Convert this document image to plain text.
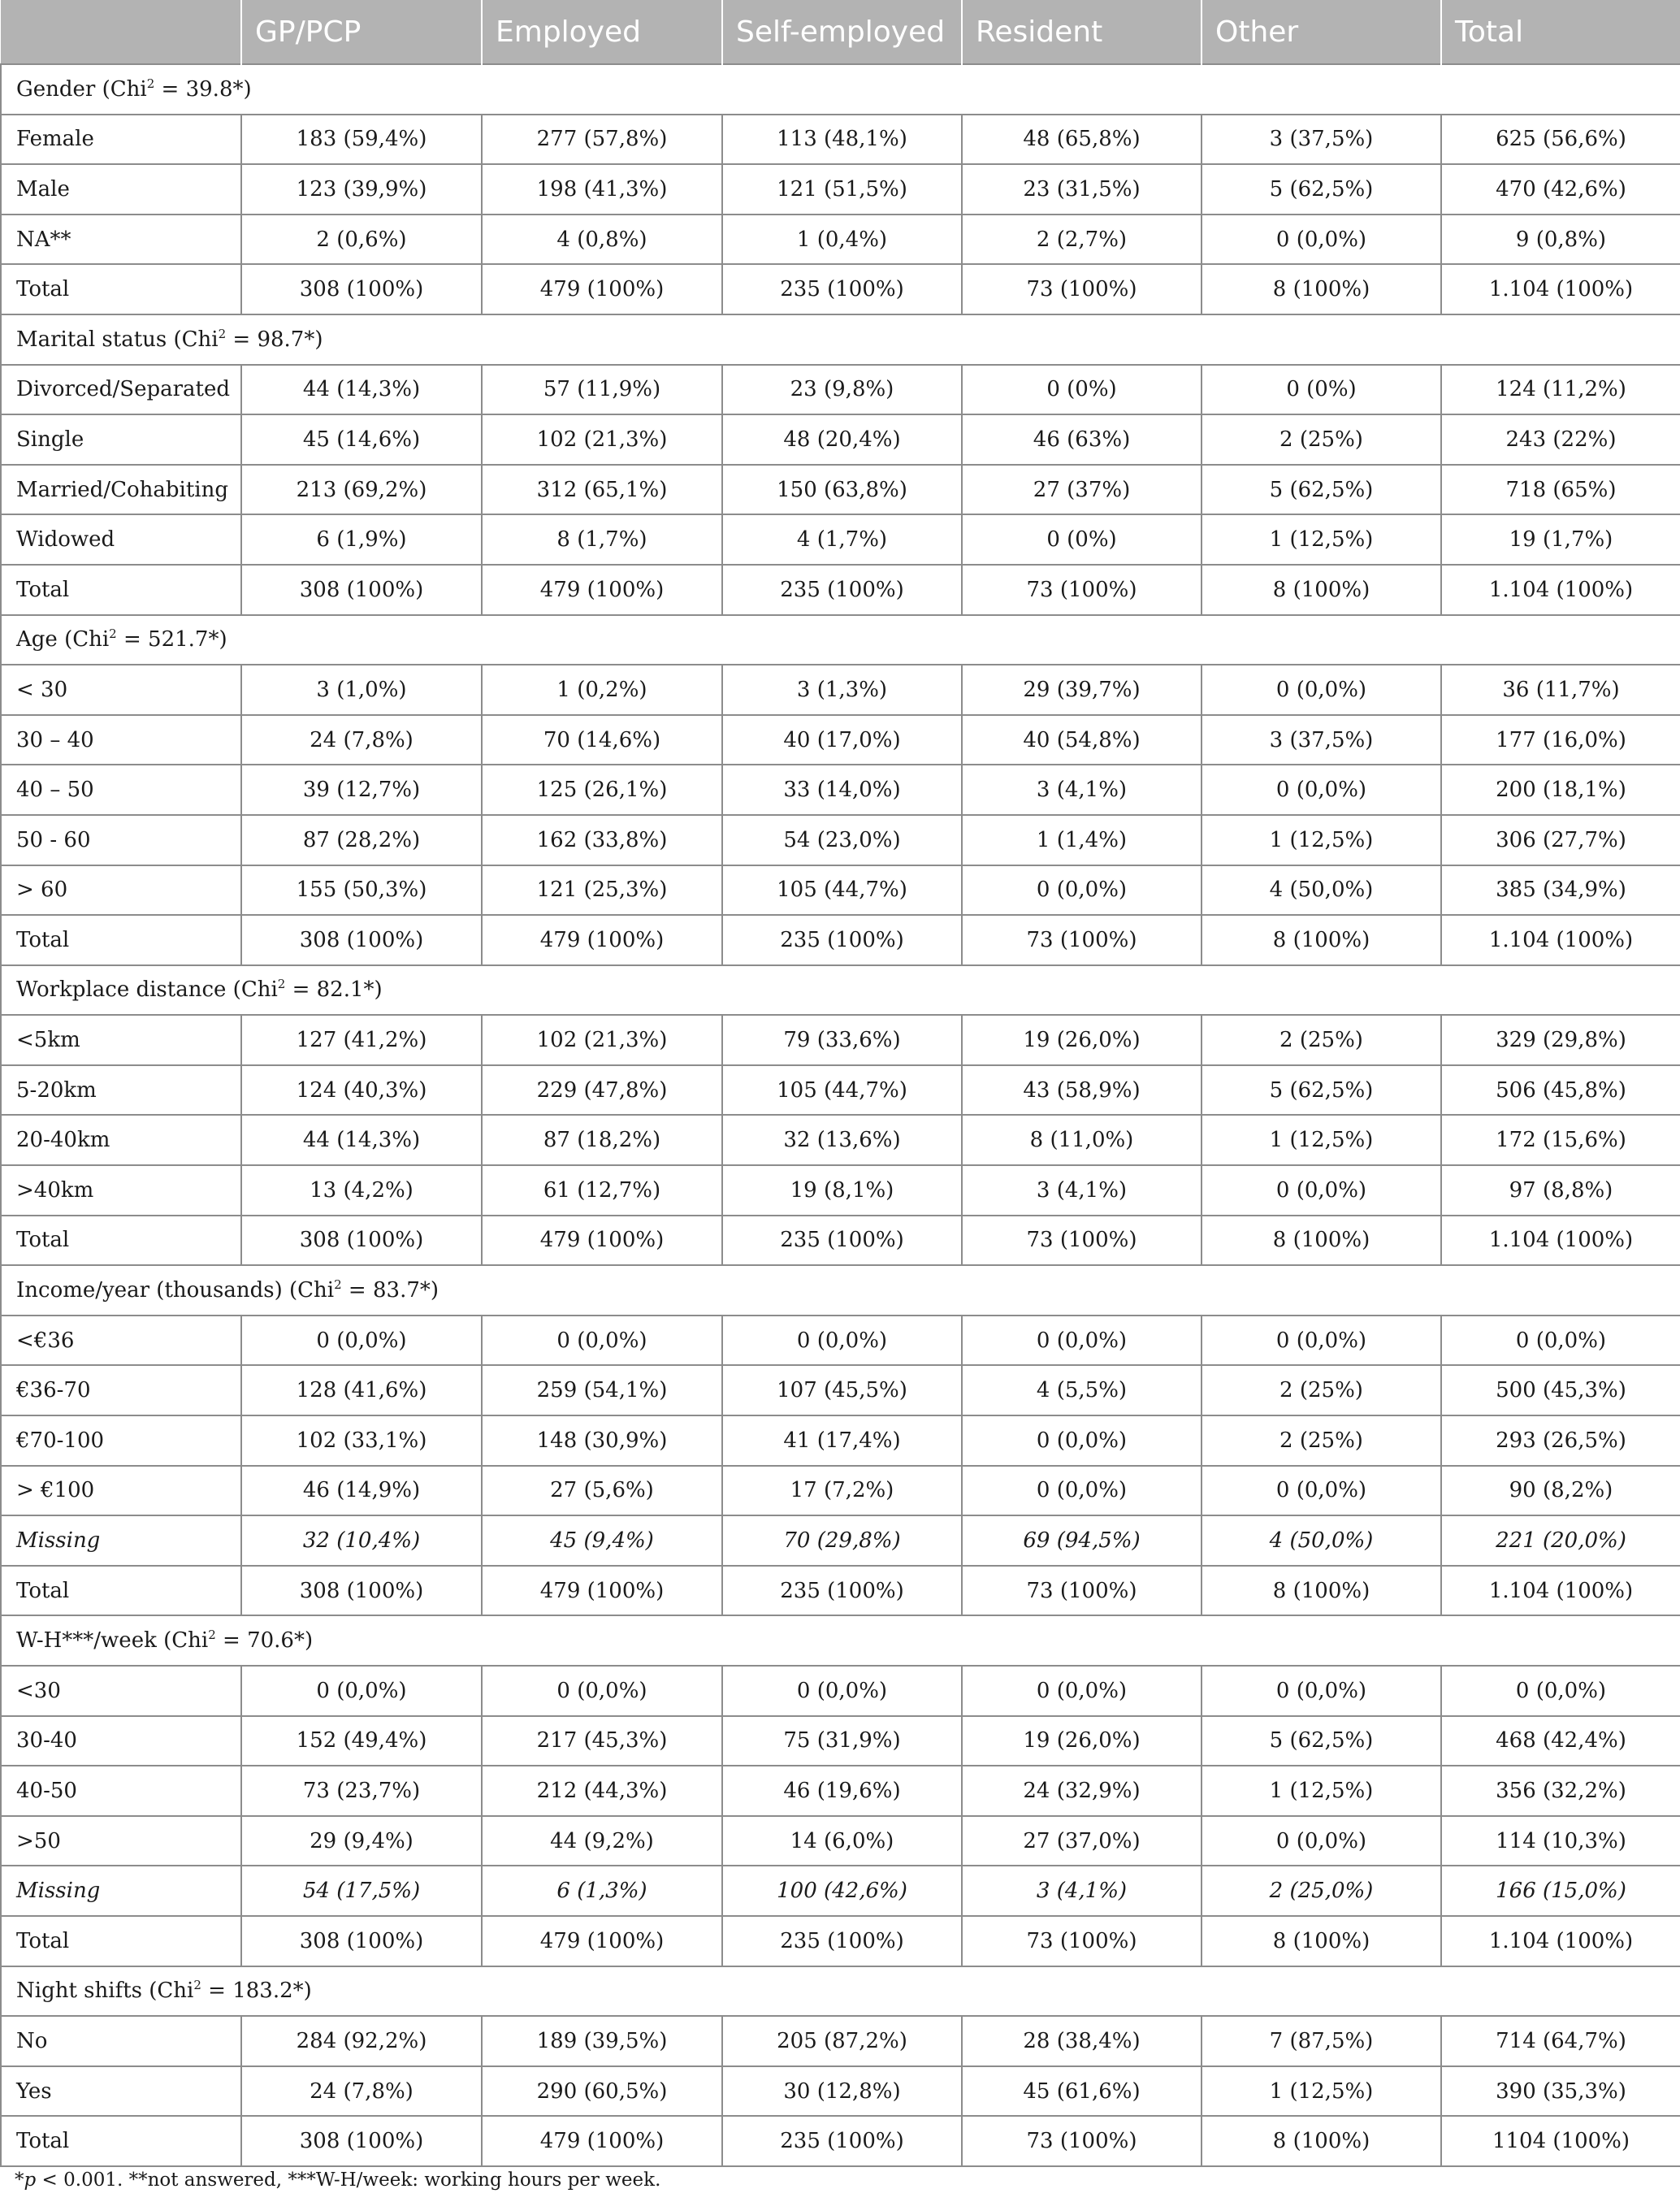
	GP/PCP	Employed	Self-employed	Resident	Other	Total
Gender (Chi$^2$ = 39.8*)						
Female	183 (59,4%)	277 (57,8%)	113 (48,1%)	48 (65,8%)	3 (37,5%)	625 (56,6%)
Male	123 (39,9%)	198 (41,3%)	121 (51,5%)	23 (31,5%)	5 (62,5%)	470 (42,6%)
NA**	2 (0,6%)	4 (0,8%)	1 (0,4%)	2 (2,7%)	0 (0,0%)	9 (0,8%)
Total	308 (100%)	479 (100%)	235 (100%)	73 (100%)	8 (100%)	1.104 (100%)
Marital status (Chi$^2$ = 98.7*)						
Divorced/Separated	44 (14,3%)	57 (11,9%)	23 (9,8%)	0 (0%)	0 (0%)	124 (11,2%)
Single	45 (14,6%)	102 (21,3%)	48 (20,4%)	46 (63%)	2 (25%)	243 (22%)
Married/Cohabiting	213 (69,2%)	312 (65,1%)	150 (63,8%)	27 (37%)	5 (62,5%)	718 (65%)
Widowed	6 (1,9%)	8 (1,7%)	4 (1,7%)	0 (0%)	1 (12,5%)	19 (1,7%)
Total	308 (100%)	479 (100%)	235 (100%)	73 (100%)	8 (100%)	1.104 (100%)
Age (Chi$^2$ = 521.7*)						
< 30	3 (1,0%)	1 (0,2%)	3 (1,3%)	29 (39,7%)	0 (0,0%)	36 (11,7%)
30 – 40	24 (7,8%)	70 (14,6%)	40 (17,0%)	40 (54,8%)	3 (37,5%)	177 (16,0%)
40 – 50	39 (12,7%)	125 (26,1%)	33 (14,0%)	3 (4,1%)	0 (0,0%)	200 (18,1%)
50 - 60	87 (28,2%)	162 (33,8%)	54 (23,0%)	1 (1,4%)	1 (12,5%)	306 (27,7%)
> 60	155 (50,3%)	121 (25,3%)	105 (44,7%)	0 (0,0%)	4 (50,0%)	385 (34,9%)
Total	308 (100%)	479 (100%)	235 (100%)	73 (100%)	8 (100%)	1.104 (100%)
Workplace distance (Chi$^2$ = 82.1*)						
<5km	127 (41,2%)	102 (21,3%)	79 (33,6%)	19 (26,0%)	2 (25%)	329 (29,8%)
5-20km	124 (40,3%)	229 (47,8%)	105 (44,7%)	43 (58,9%)	5 (62,5%)	506 (45,8%)
20-40km	44 (14,3%)	87 (18,2%)	32 (13,6%)	8 (11,0%)	1 (12,5%)	172 (15,6%)
>40km	13 (4,2%)	61 (12,7%)	19 (8,1%)	3 (4,1%)	0 (0,0%)	97 (8,8%)
Total	308 (100%)	479 (100%)	235 (100%)	73 (100%)	8 (100%)	1.104 (100%)
Income/year (thousands) (Chi$^2$ = 83.7*)						
<€36	0 (0,0%)	0 (0,0%)	0 (0,0%)	0 (0,0%)	0 (0,0%)	0 (0,0%)
€36-70	128 (41,6%)	259 (54,1%)	107 (45,5%)	4 (5,5%)	2 (25%)	500 (45,3%)
€70-100	102 (33,1%)	148 (30,9%)	41 (17,4%)	0 (0,0%)	2 (25%)	293 (26,5%)
> €100	46 (14,9%)	27 (5,6%)	17 (7,2%)	0 (0,0%)	0 (0,0%)	90 (8,2%)
Missing	32 (10,4%)	45 (9,4%)	70 (29,8%)	69 (94,5%)	4 (50,0%)	221 (20,0%)
Total	308 (100%)	479 (100%)	235 (100%)	73 (100%)	8 (100%)	1.104 (100%)
W-H***/week (Chi$^2$ = 70.6*)						
<30	0 (0,0%)	0 (0,0%)	0 (0,0%)	0 (0,0%)	0 (0,0%)	0 (0,0%)
30-40	152 (49,4%)	217 (45,3%)	75 (31,9%)	19 (26,0%)	5 (62,5%)	468 (42,4%)
40-50	73 (23,7%)	212 (44,3%)	46 (19,6%)	24 (32,9%)	1 (12,5%)	356 (32,2%)
>50	29 (9,4%)	44 (9,2%)	14 (6,0%)	27 (37,0%)	0 (0,0%)	114 (10,3%)
Missing	54 (17,5%)	6 (1,3%)	100 (42,6%)	3 (4,1%)	2 (25,0%)	166 (15,0%)
Total	308 (100%)	479 (100%)	235 (100%)	73 (100%)	8 (100%)	1.104 (100%)
Night shifts (Chi$^2$ = 183.2*)						
No	284 (92,2%)	189 (39,5%)	205 (87,2%)	28 (38,4%)	7 (87,5%)	714 (64,7%)
Yes	24 (7,8%)	290 (60,5%)	30 (12,8%)	45 (61,6%)	1 (12,5%)	390 (35,3%)
Total	308 (100%)	479 (100%)	235 (100%)	73 (100%)	8 (100%)	1104 (100%)
*p < 0.001. **not answered, ***W-H/week: working hours per week.
